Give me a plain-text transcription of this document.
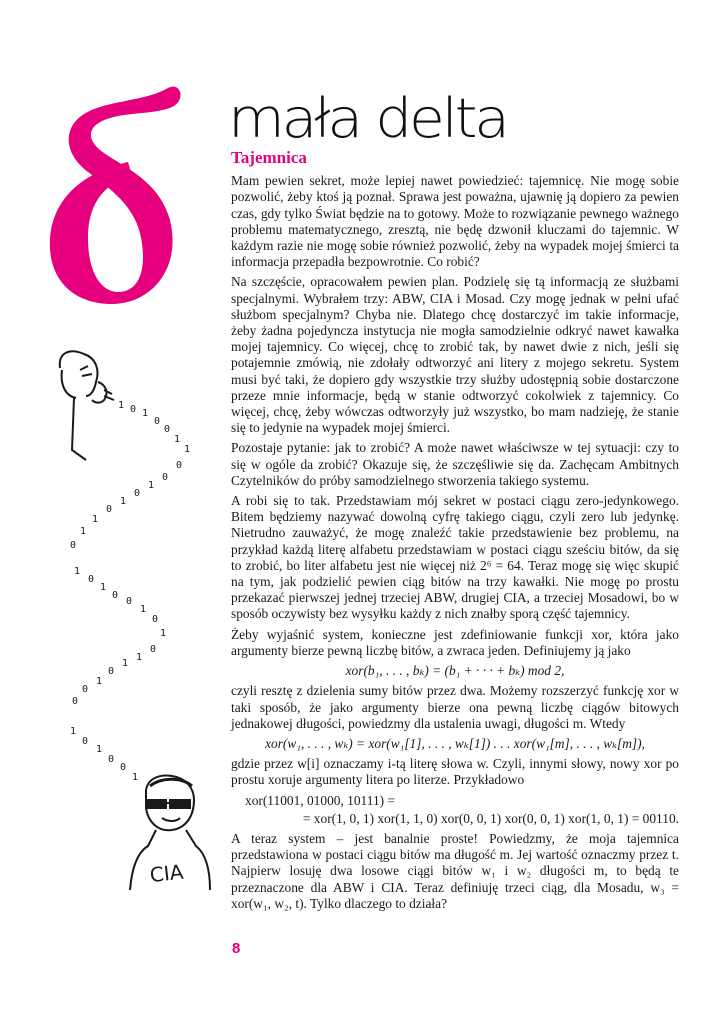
mała delta
1 0 1
0
0
1
1
0
0
1
0
1
0
1
1
0
1
0
1
0
0
1
0
1
0
1
1
0
1
0
0
1
0
1
0
0
1
CIA
Tajemnica

Mam pewien sekret, może lepiej nawet powiedzieć: tajemnicę. Nie mogę sobie pozwolić, żeby ktoś ją poznał. Sprawa jest poważna, ujawnię ją dopiero za pewien czas, gdy tylko Świat będzie na to gotowy. Może to rozwiązanie pewnego ważnego problemu matematycznego, zresztą, nie będę dzwonił kluczami do tajemnic. W każdym razie nie mogę sobie również pozwolić, żeby na wypadek mojej śmierci ta informacja przepadła bezpowrotnie. Co robić?

Na szczęście, opracowałem pewien plan. Podzielę się tą informacją ze służbami specjalnymi. Wybrałem trzy: ABW, CIA i Mosad. Czy mogę jednak w pełni ufać służbom specjalnym? Chyba nie. Dlatego chcę dostarczyć im takie informacje, żeby żadna pojedyncza instytucja nie mogła samodzielnie odkryć nawet kawałka mojej tajemnicy. Co więcej, chcę to zrobić tak, by nawet dwie z nich, jeśli się potajemnie zmówią, nie zdołały odtworzyć ani litery z mojego sekretu. System musi być taki, że dopiero gdy wszystkie trzy służby udostępnią sobie dostarczone przeze mnie informacje, będą w stanie odtworzyć cokolwiek z tajemnicy. Co więcej, chcę, żeby wówczas odtworzyły już wszystko, bo mam nadzieję, że stanie się to jedynie na wypadek mojej śmierci.

Pozostaje pytanie: jak to zrobić? A może nawet właściwsze w tej sytuacji: czy to się w ogóle da zrobić? Okazuje się, że szczęśliwie się da. Zachęcam Ambitnych Czytelników do próby samodzielnego stworzenia takiego systemu.

A robi się to tak. Przedstawiam mój sekret w postaci ciągu zero-jedynkowego. Bitem będziemy nazywać dowolną cyfrę takiego ciągu, czyli zero lub jedynkę. Nietrudno zauważyć, że mogę znaleźć takie przedstawienie bez problemu, na przykład każdą literę alfabetu przedstawiam w postaci ciągu sześciu bitów, da się to zrobić, bo liter alfabetu jest nie więcej niż 2⁶ = 64. Teraz mogę się więc skupić na tym, jak podzielić pewien ciąg bitów na trzy kawałki. Nie mogę po prostu przekazać pierwszej jednej trzeciej ABW, drugiej CIA, a trzeciej Mosadowi, bo w sposób oczywisty bez wysyłku każdy z nich znałby sporą część tajemnicy.

Żeby wyjaśnić system, konieczne jest zdefiniowanie funkcji xor, która jako argumenty bierze pewną liczbę bitów, a zwraca jeden. Definiujemy ją jako

xor(b₁, . . . , bₖ) = (b₁ + · · · + bₖ) mod 2,

czyli resztę z dzielenia sumy bitów przez dwa. Możemy rozszerzyć funkcję xor w taki sposób, że jako argumenty bierze ona pewną liczbę ciągów bitowych jednakowej długości, powiedzmy dla ustalenia uwagi, długości m. Wtedy

xor(w₁, . . . , wₖ) = xor(w₁[1], . . . , wₖ[1]) . . . xor(w₁[m], . . . , wₖ[m]),

gdzie przez w[i] oznaczamy i-tą literę słowa w. Czyli, innymi słowy, nowy xor po prostu xoruje argumenty litera po literze. Przykładowo

xor(11001, 01000, 10111) =
= xor(1, 0, 1) xor(1, 1, 0) xor(0, 0, 1) xor(0, 0, 1) xor(1, 0, 1) = 00110.

A teraz system – jest banalnie proste! Powiedzmy, że moja tajemnica przedstawiona w postaci ciągu bitów ma długość m. Jej wartość oznaczmy przez t. Najpierw losuję dwa losowe ciągi bitów w₁ i w₂ długości m, to będą te przeznaczone dla ABW i CIA. Teraz definiuję trzeci ciąg, dla Mosadu, w₃ = xor(w₁, w₂, t). Tylko dlaczego to działa?

8
